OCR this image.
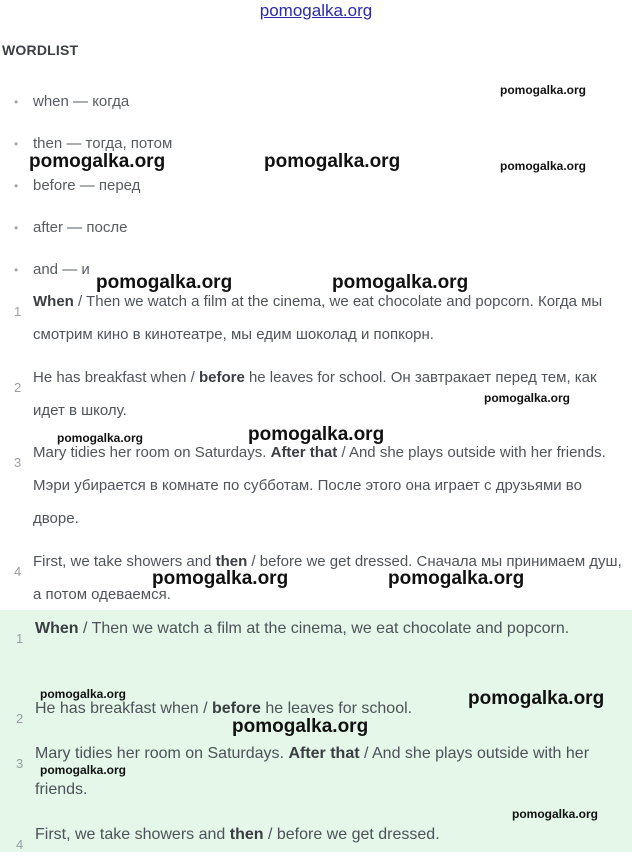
pomogalka.org
WORDLIST
• when — когда
• then — тогда, потом
• before — перед
• after — после
• and — и
1
When / Then we watch a film at the cinema, we eat chocolate and popcorn. Когда мы смотрим кино в кинотеатре, мы едим шоколад и попкорн.
2
He has breakfast when / before he leaves for school. Он завтракает перед тем, как идет в школу.
3
Mary tidies her room on Saturdays. After that / And she plays outside with her friends. Мэри убирается в комнате по субботам. После этого она играет с друзьями во дворе.
4
First, we take showers and then / before we get dressed. Сначала мы принимаем душ, а потом одеваемся.
1
When / Then we watch a film at the cinema, we eat chocolate and popcorn.
2
He has breakfast when / before he leaves for school.
3
Mary tidies her room on Saturdays. After that / And she plays outside with her friends.
4
First, we take showers and then / before we get dressed.
pomogalka.org
pomogalka.org	pomogalka.org	pomogalka.org
pomogalka.org	pomogalka.org
pomogalka.org
pomogalka.org	pomogalka.org
pomogalka.org	pomogalka.org
pomogalka.org	pomogalka.org
pomogalka.org
pomogalka.org
pomogalka.org
